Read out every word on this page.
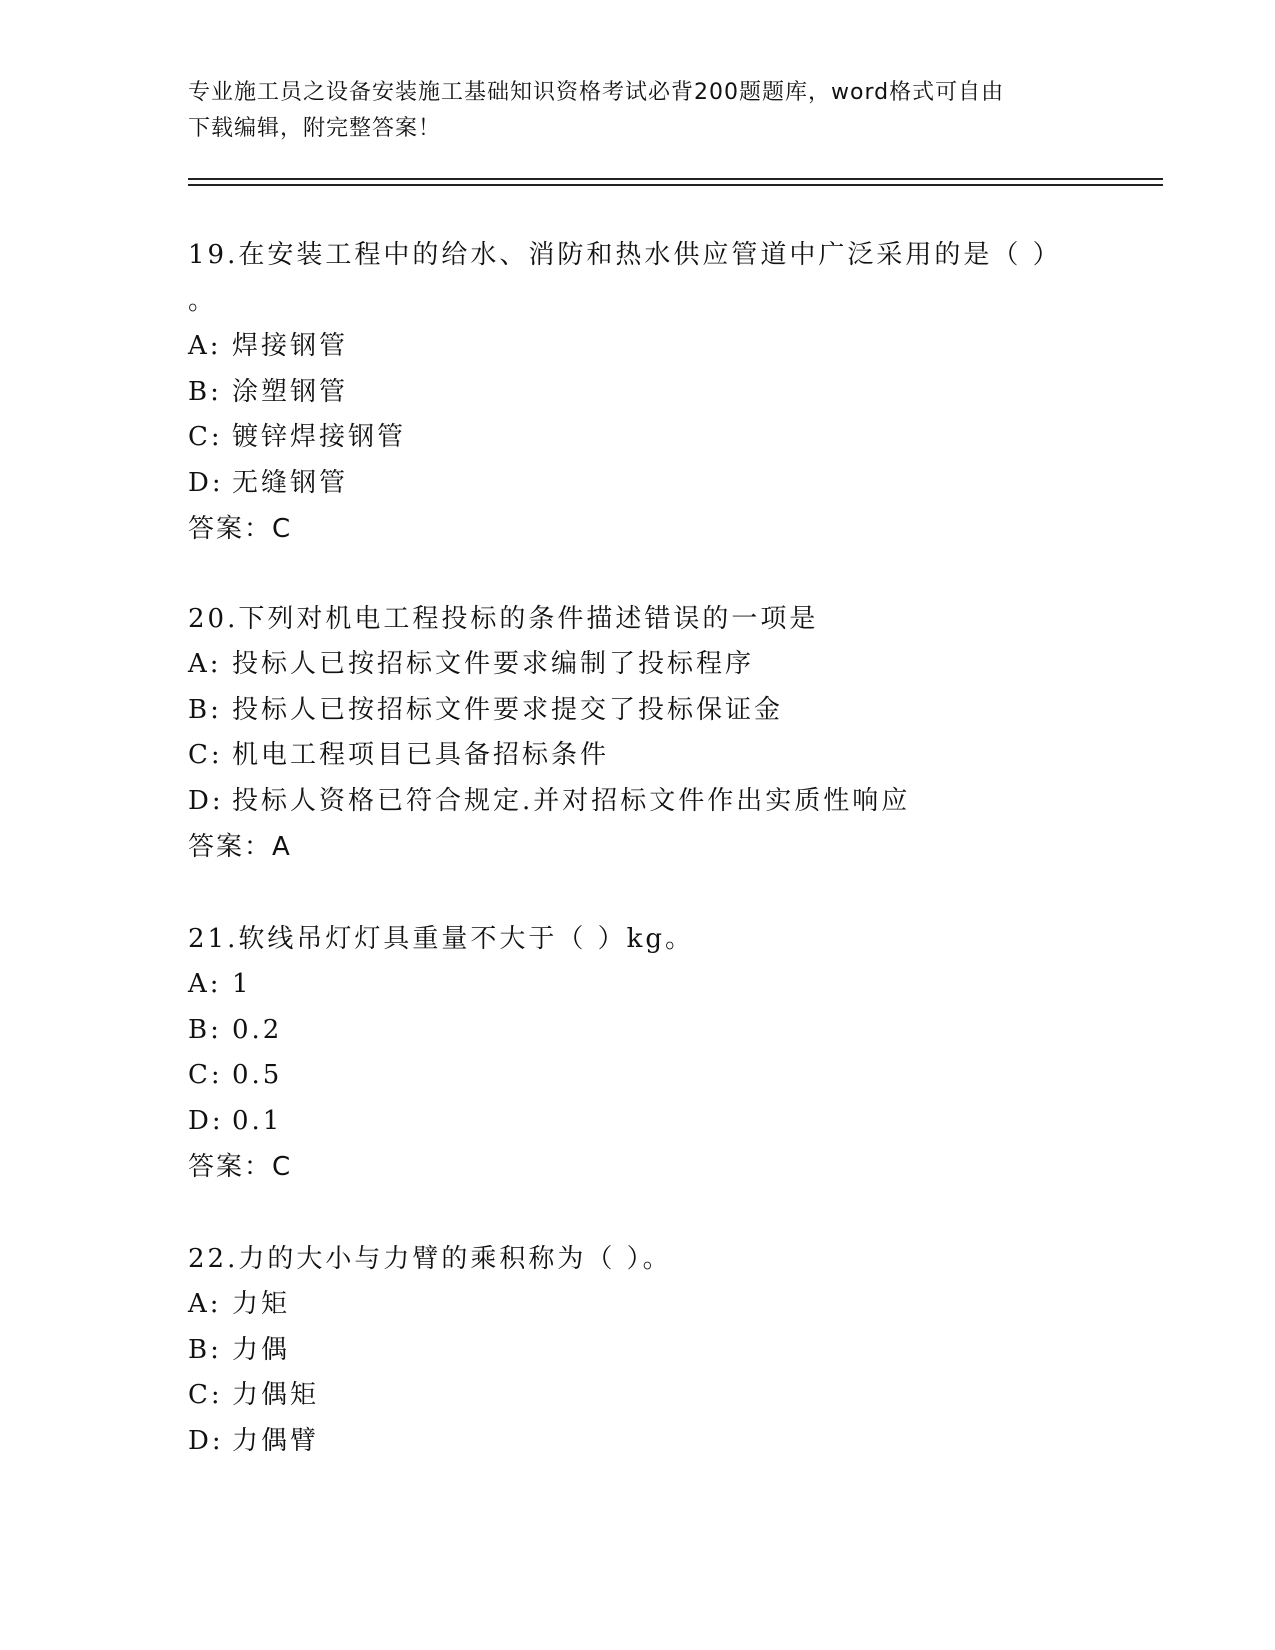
专业施工员之设备安装施工基础知识资格考试必背200题题库，word格式可自由
下载编辑，附完整答案！

19.在安装工程中的给水、消防和热水供应管道中广泛采用的是（ ）

。

A: 焊接钢管

B: 涂塑钢管

C: 镀锌焊接钢管

D: 无缝钢管

答案：C

20.下列对机电工程投标的条件描述错误的一项是

A: 投标人已按招标文件要求编制了投标程序

B: 投标人已按招标文件要求提交了投标保证金

C: 机电工程项目已具备招标条件

D: 投标人资格已符合规定.并对招标文件作出实质性响应

答案：A

21.软线吊灯灯具重量不大于（ ）kg。

A: 1

B: 0.2

C: 0.5

D: 0.1

答案：C

22.力的大小与力臂的乘积称为（ ）。

A: 力矩

B: 力偶

C: 力偶矩

D: 力偶臂
